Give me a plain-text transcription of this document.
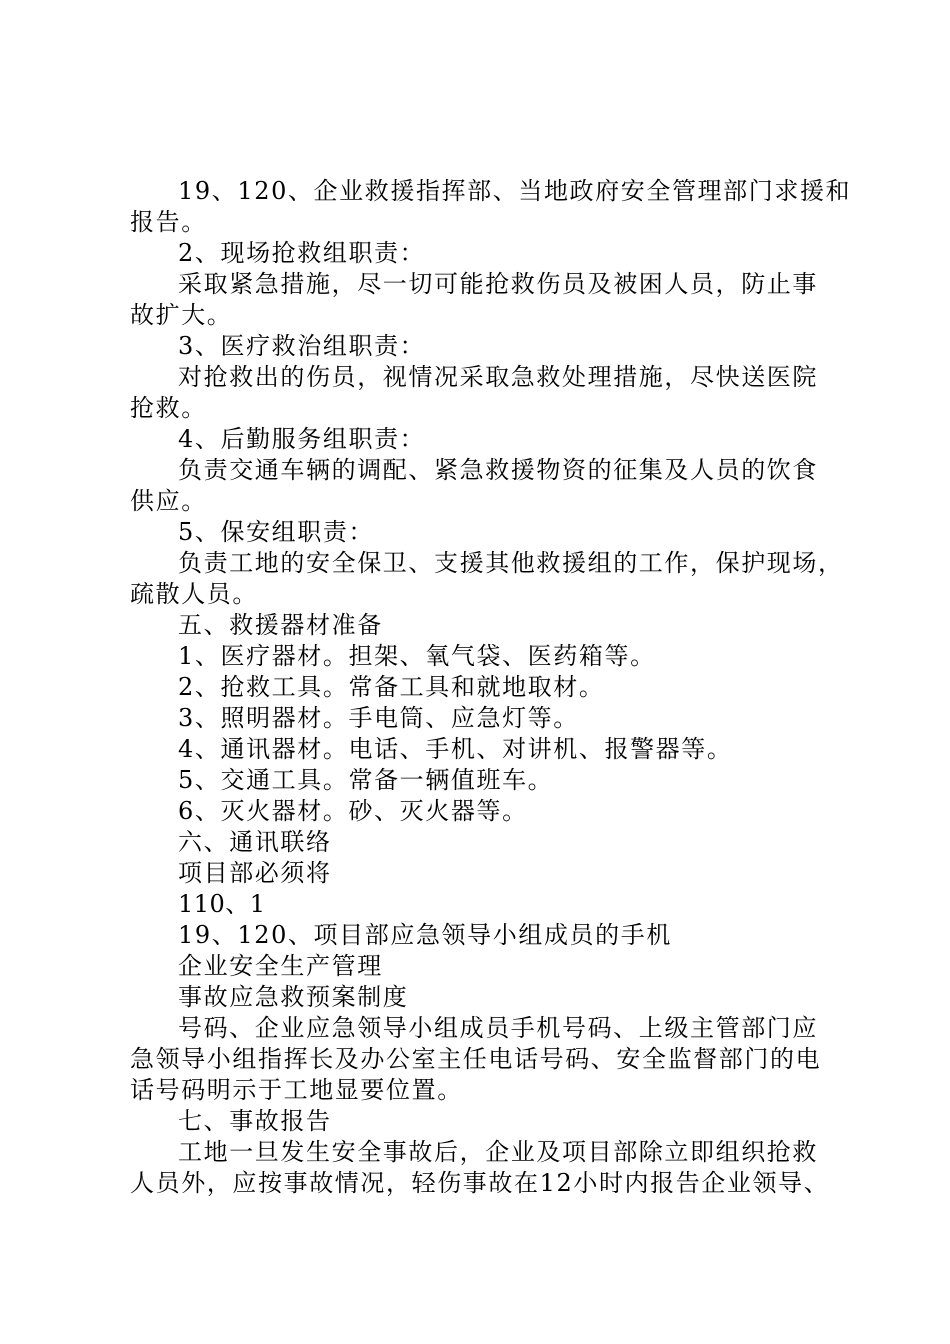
19、120、企业救援指挥部、当地政府安全管理部门求援和
报告。
2、现场抢救组职责：
采取紧急措施，尽一切可能抢救伤员及被困人员，防止事
故扩大。
3、医疗救治组职责：
对抢救出的伤员，视情况采取急救处理措施，尽快送医院
抢救。
4、后勤服务组职责：
负责交通车辆的调配、紧急救援物资的征集及人员的饮食
供应。
5、保安组职责：
负责工地的安全保卫、支援其他救援组的工作，保护现场，
疏散人员。
五、救援器材准备
1、医疗器材。担架、氧气袋、医药箱等。
2、抢救工具。常备工具和就地取材。
3、照明器材。手电筒、应急灯等。
4、通讯器材。电话、手机、对讲机、报警器等。
5、交通工具。常备一辆值班车。
6、灭火器材。砂、灭火器等。
六、通讯联络
项目部必须将
110、1
19、120、项目部应急领导小组成员的手机
企业安全生产管理
事故应急救预案制度
号码、企业应急领导小组成员手机号码、上级主管部门应
急领导小组指挥长及办公室主任电话号码、安全监督部门的电
话号码明示于工地显要位置。
七、事故报告
工地一旦发生安全事故后，企业及项目部除立即组织抢救
人员外，应按事故情况，轻伤事故在12小时内报告企业领导、
